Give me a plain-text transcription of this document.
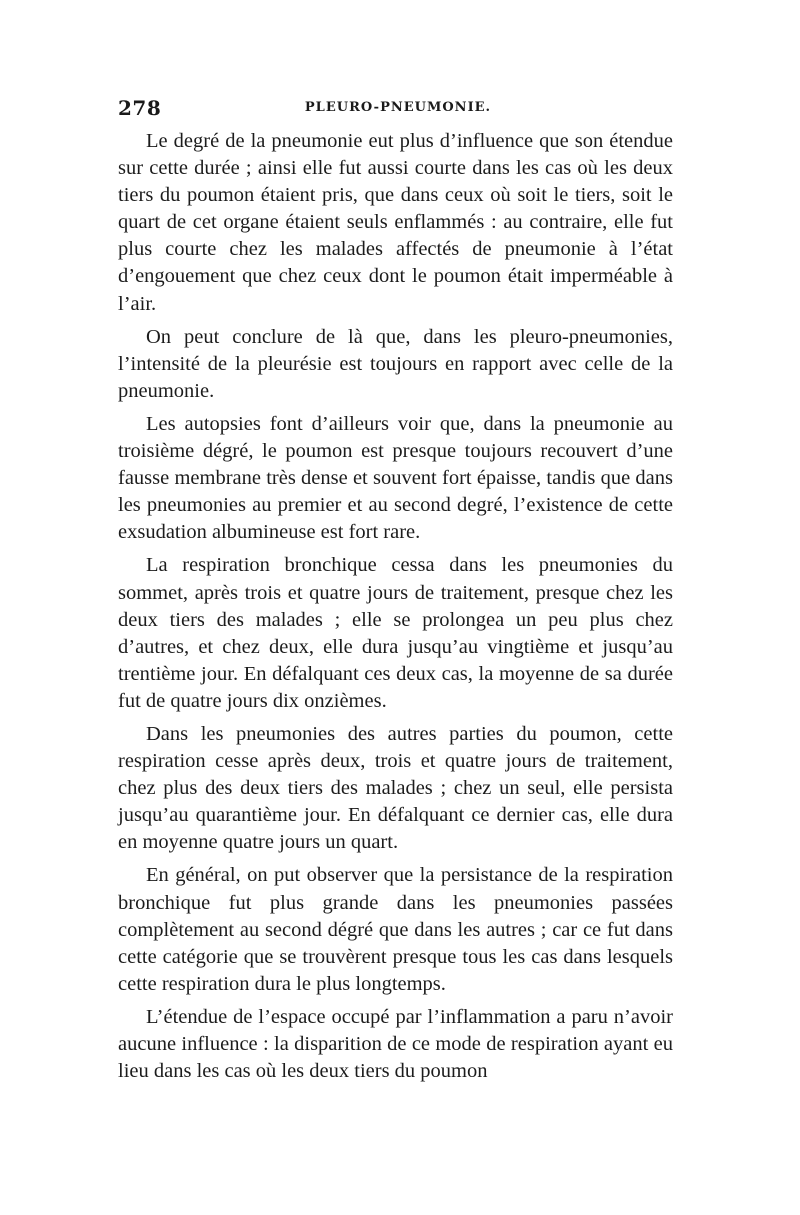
278	PLEURO-PNEUMONIE.

Le degré de la pneumonie eut plus d’influence que son étendue sur cette durée ; ainsi elle fut aussi courte dans les cas où les deux tiers du poumon étaient pris, que dans ceux où soit le tiers, soit le quart de cet organe étaient seuls enflammés : au contraire, elle fut plus courte chez les malades affectés de pneumonie à l’état d’engouement que chez ceux dont le poumon était imperméable à l’air.

On peut conclure de là que, dans les pleuro-pneumonies, l’intensité de la pleurésie est toujours en rapport avec celle de la pneumonie.

Les autopsies font d’ailleurs voir que, dans la pneumonie au troisième dégré, le poumon est presque toujours recouvert d’une fausse membrane très dense et souvent fort épaisse, tandis que dans les pneumonies au premier et au second degré, l’existence de cette exsudation albumineuse est fort rare.

La respiration bronchique cessa dans les pneumonies du sommet, après trois et quatre jours de traitement, presque chez les deux tiers des malades ; elle se prolongea un peu plus chez d’autres, et chez deux, elle dura jusqu’au vingtième et jusqu’au trentième jour. En défalquant ces deux cas, la moyenne de sa durée fut de quatre jours dix onzièmes.

Dans les pneumonies des autres parties du poumon, cette respiration cesse après deux, trois et quatre jours de traitement, chez plus des deux tiers des malades ; chez un seul, elle persista jusqu’au quarantième jour. En défalquant ce dernier cas, elle dura en moyenne quatre jours un quart.

En général, on put observer que la persistance de la respiration bronchique fut plus grande dans les pneumonies passées complètement au second dégré que dans les autres ; car ce fut dans cette catégorie que se trouvèrent presque tous les cas dans lesquels cette respiration dura le plus longtemps.

L’étendue de l’espace occupé par l’inflammation a paru n’avoir aucune influence : la disparition de ce mode de respiration ayant eu lieu dans les cas où les deux tiers du poumon
